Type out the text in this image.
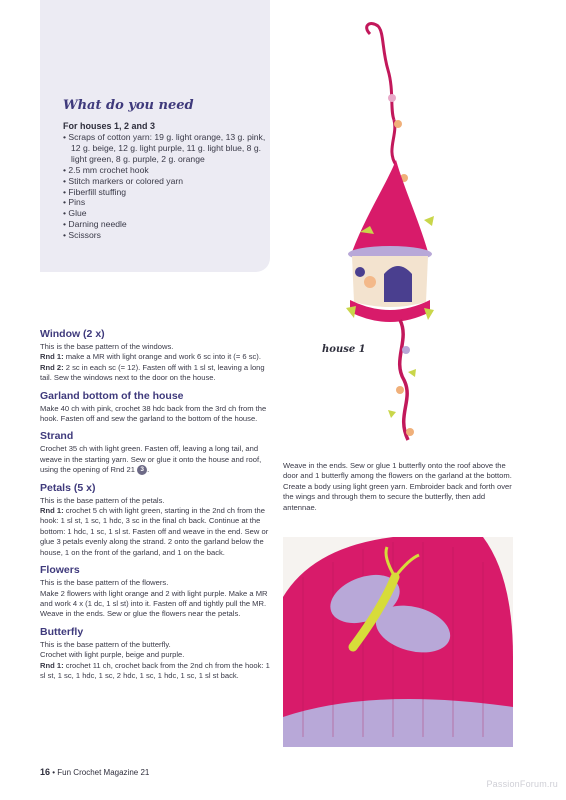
What do you need
For houses 1, 2 and 3
• Scraps of cotton yarn: 19 g. light orange, 13 g. pink, 12 g. beige, 12 g. light purple, 11 g. light blue, 8 g. light green, 8 g. purple, 2 g. orange
• 2.5 mm crochet hook
• Stitch markers or colored yarn
• Fiberfill stuffing
• Pins
• Glue
• Darning needle
• Scissors
house 1
Window (2 x)

This is the base pattern of the windows.

Rnd 1: make a MR with light orange and work 6 sc into it (= 6 sc).

Rnd 2: 2 sc in each sc (= 12). Fasten off with 1 sl st, leaving a long tail. Sew the windows next to the door on the house.

Garland bottom of the house

Make 40 ch with pink, crochet 38 hdc back from the 3rd ch from the hook. Fasten off and sew the garland to the bottom of the house.

Strand

Crochet 35 ch with light green. Fasten off, leaving a long tail, and weave in the starting yarn. Sew or glue it onto the house and roof, using the opening of Rnd 21 3 .

Petals (5 x)

This is the base pattern of the petals.

Rnd 1: crochet 5 ch with light green, starting in the 2nd ch from the hook: 1 sl st, 1 sc, 1 hdc, 3 sc in the final ch back. Continue at the bottom: 1 hdc, 1 sc, 1 sl st. Fasten off and weave in the end. Sew or glue 3 petals evenly along the strand. 2 onto the garland below the house, 1 on the front of the garland, and 1 on the back.

Flowers

This is the base pattern of the flowers.

Make 2 flowers with light orange and 2 with light purple. Make a MR and work 4 x (1 dc, 1 sl st) into it. Fasten off and tightly pull the MR. Weave in the ends. Sew or glue the flowers near the petals.

Butterfly

This is the base pattern of the butterfly.

Crochet with light purple, beige and purple.

Rnd 1: crochet 11 ch, crochet back from the 2nd ch from the hook: 1 sl st, 1 sc, 1 hdc, 1 sc, 2 hdc, 1 sc, 1 hdc, 1 sc, 1 sl st back.

Weave in the ends. Sew or glue 1 butterfly onto the roof above the door and 1 butterfly among the flowers on the garland at the bottom. Create a body using light green yarn. Embroider back and forth over the wings and through them to secure the butterfly, then add antennae.

16 • Fun Crochet Magazine 21
PassionForum.ru
